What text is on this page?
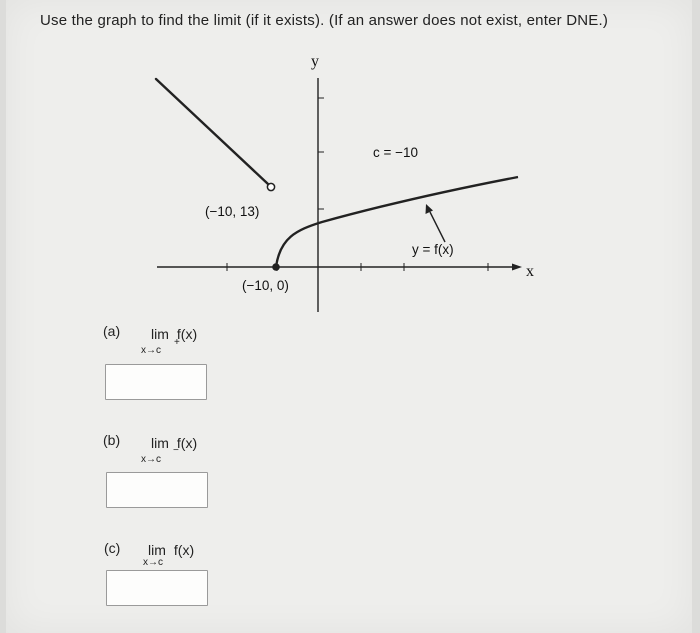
Use the graph to find the limit (if it exists). (If an answer does not exist, enter DNE.)
y
x
c = −10
(−10, 13)
(−10, 0)
y = f(x)
(a) lim f(x)
x→c
+
(b) lim f(x)
x→c
−
(c) lim f(x)
x→c
